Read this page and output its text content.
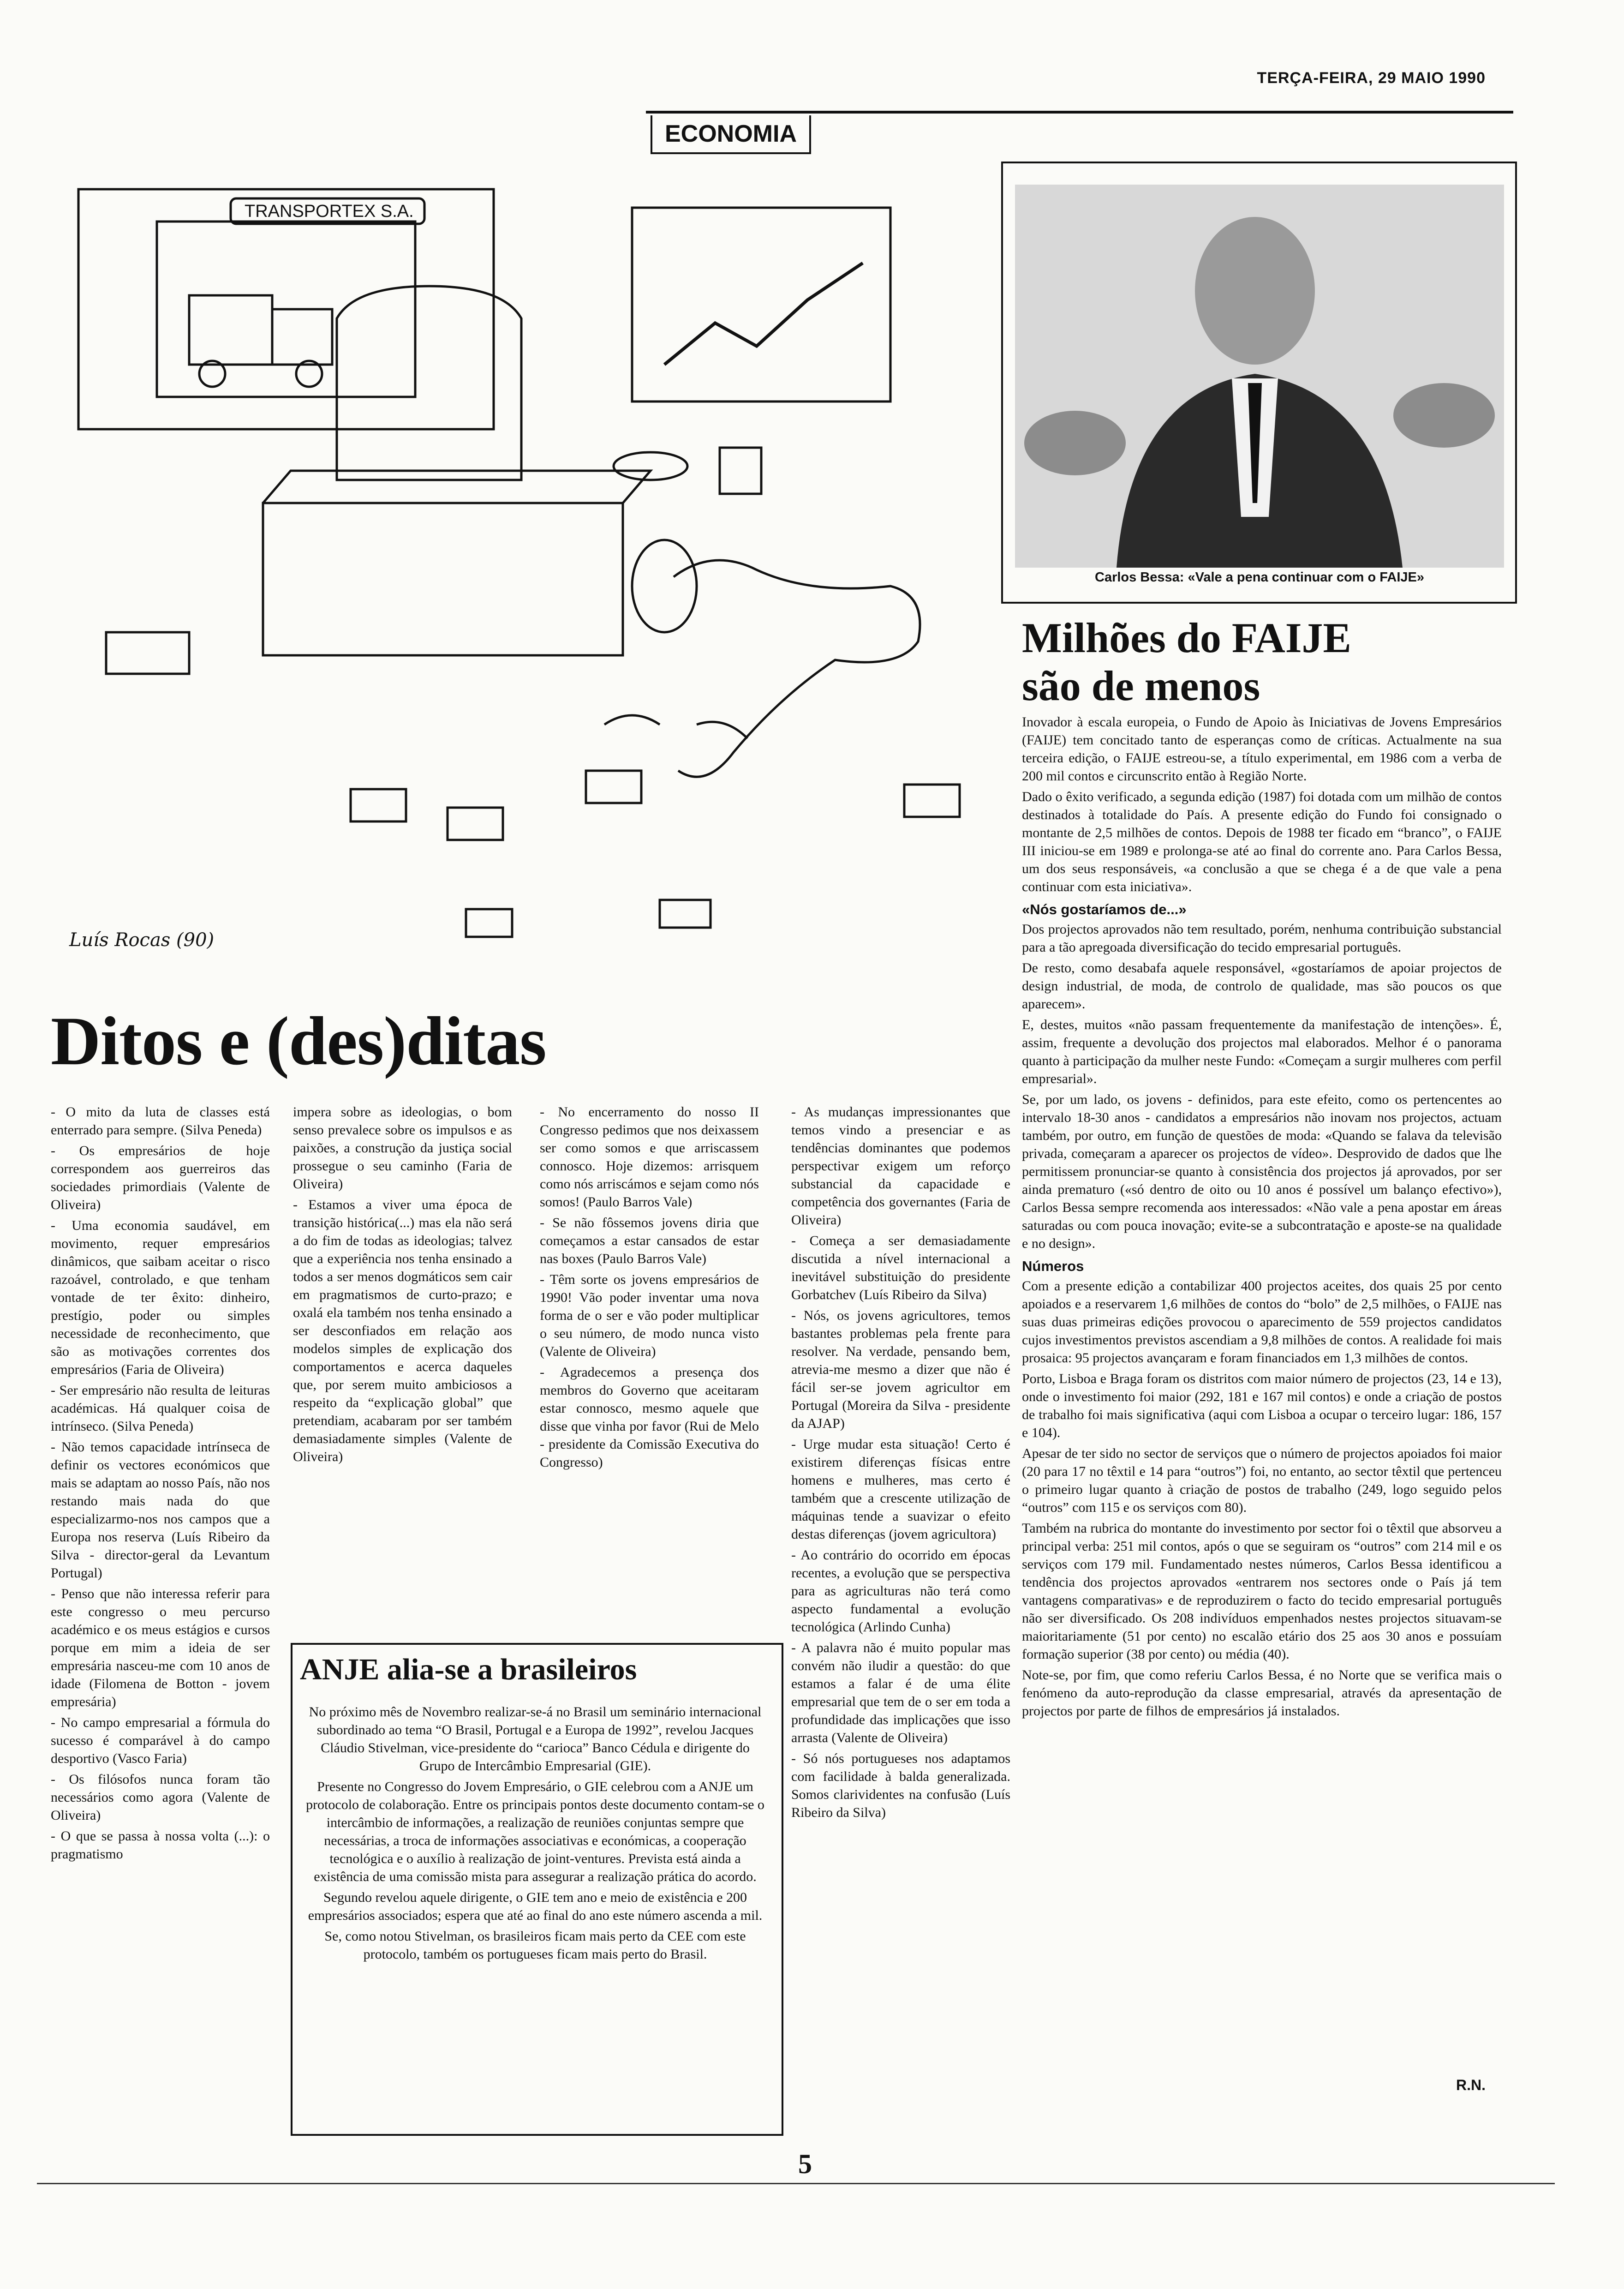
TERÇA-FEIRA, 29 MAIO 1990
ECONOMIA
TRANSPORTEX S.A.
Luís Rocas (90)
Carlos Bessa: «Vale a pena continuar com o FAIJE»
Milhões do FAIJE
são de menos

Inovador à escala europeia, o Fundo de Apoio às Iniciativas de Jovens Empresários (FAIJE) tem concitado tanto de esperanças como de críticas. Actualmente na sua terceira edição, o FAIJE estreou-se, a título experimental, em 1986 com a verba de 200 mil contos e circunscrito então à Região Norte.

Dado o êxito verificado, a segunda edição (1987) foi dotada com um milhão de contos destinados à totalidade do País. A presente edição do Fundo foi consignado o montante de 2,5 milhões de contos. Depois de 1988 ter ficado em “branco”, o FAIJE III iniciou-se em 1989 e prolonga-se até ao final do corrente ano. Para Carlos Bessa, um dos seus responsáveis, «a conclusão a que se chega é a de que vale a pena continuar com esta iniciativa».

«Nós gostaríamos de...»

Dos projectos aprovados não tem resultado, porém, nenhuma contribuição substancial para a tão apregoada diversificação do tecido empresarial português.

De resto, como desabafa aquele responsável, «gostaríamos de apoiar projectos de design industrial, de moda, de controlo de qualidade, mas são poucos os que aparecem».

E, destes, muitos «não passam frequentemente da manifestação de intenções». É, assim, frequente a devolução dos projectos mal elaborados. Melhor é o panorama quanto à participação da mulher neste Fundo: «Começam a surgir mulheres com perfil empresarial».

Se, por um lado, os jovens - definidos, para este efeito, como os pertencentes ao intervalo 18-30 anos - candidatos a empresários não inovam nos projectos, actuam também, por outro, em função de questões de moda: «Quando se falava da televisão privada, começaram a aparecer os projectos de vídeo». Desprovido de dados que lhe permitissem pronunciar-se quanto à consistência dos projectos já aprovados, por ser ainda prematuro («só dentro de oito ou 10 anos é possível um balanço efectivo»), Carlos Bessa sempre recomenda aos interessados: «Não vale a pena apostar em áreas saturadas ou com pouca inovação; evite-se a subcontratação e aposte-se na qualidade e no design».

Números

Com a presente edição a contabilizar 400 projectos aceites, dos quais 25 por cento apoiados e a reservarem 1,6 milhões de contos do “bolo” de 2,5 milhões, o FAIJE nas suas duas primeiras edições provocou o aparecimento de 559 projectos candidatos cujos investimentos previstos ascendiam a 9,8 milhões de contos. A realidade foi mais prosaica: 95 projectos avançaram e foram financiados em 1,3 milhões de contos.

Porto, Lisboa e Braga foram os distritos com maior número de projectos (23, 14 e 13), onde o investimento foi maior (292, 181 e 167 mil contos) e onde a criação de postos de trabalho foi mais significativa (aqui com Lisboa a ocupar o terceiro lugar: 186, 157 e 104).

Apesar de ter sido no sector de serviços que o número de projectos apoiados foi maior (20 para 17 no têxtil e 14 para “outros”) foi, no entanto, ao sector têxtil que pertenceu o primeiro lugar quanto à criação de postos de trabalho (249, logo seguido pelos “outros” com 115 e os serviços com 80).

Também na rubrica do montante do investimento por sector foi o têxtil que absorveu a principal verba: 251 mil contos, após o que se seguiram os “outros” com 214 mil e os serviços com 179 mil. Fundamentado nestes números, Carlos Bessa identificou a tendência dos projectos aprovados «entrarem nos sectores onde o País já tem vantagens comparativas» e de reproduzirem o facto do tecido empresarial português não ser diversificado. Os 208 indivíduos empenhados nestes projectos situavam-se maioritariamente (51 por cento) no escalão etário dos 25 aos 30 anos e possuíam formação superior (38 por cento) ou média (40).

Note-se, por fim, que como referiu Carlos Bessa, é no Norte que se verifica mais o fenómeno da auto-reprodução da classe empresarial, através da apresentação de projectos por parte de filhos de empresários já instalados.

R.N.
Ditos e (des)ditas

- O mito da luta de classes está enterrado para sempre. (Silva Peneda)

- Os empresários de hoje correspondem aos guerreiros das sociedades primordiais (Valente de Oliveira)

- Uma economia saudável, em movimento, requer empresários dinâmicos, que saibam aceitar o risco razoável, controlado, e que tenham vontade de ter êxito: dinheiro, prestígio, poder ou simples necessidade de reconhecimento, que são as motivações correntes dos empresários (Faria de Oliveira)

- Ser empresário não resulta de leituras académicas. Há qualquer coisa de intrínseco. (Silva Peneda)

- Não temos capacidade intrínseca de definir os vectores económicos que mais se adaptam ao nosso País, não nos restando mais nada do que especializarmo-nos nos campos que a Europa nos reserva (Luís Ribeiro da Silva - director-geral da Levantum Portugal)

- Penso que não interessa referir para este congresso o meu percurso académico e os meus estágios e cursos porque em mim a ideia de ser empresária nasceu-me com 10 anos de idade (Filomena de Botton - jovem empresária)

- No campo empresarial a fórmula do sucesso é comparável à do campo desportivo (Vasco Faria)

- Os filósofos nunca foram tão necessários como agora (Valente de Oliveira)

- O que se passa à nossa volta (...): o pragmatismo

impera sobre as ideologias, o bom senso prevalece sobre os impulsos e as paixões, a construção da justiça social prossegue o seu caminho (Faria de Oliveira)

- Estamos a viver uma época de transição histórica(...) mas ela não será a do fim de todas as ideologias; talvez que a experiência nos tenha ensinado a todos a ser menos dogmáticos sem cair em pragmatismos de curto-prazo; e oxalá ela também nos tenha ensinado a ser desconfiados em relação aos modelos simples de explicação dos comportamentos e acerca daqueles que, por serem muito ambiciosos a respeito da “explicação global” que pretendiam, acabaram por ser também demasiadamente simples (Valente de Oliveira)

- No encerramento do nosso II Congresso pedimos que nos deixassem ser como somos e que arriscassem connosco. Hoje dizemos: arrisquem como nós arriscámos e sejam como nós somos! (Paulo Barros Vale)

- Se não fôssemos jovens diria que começamos a estar cansados de estar nas boxes (Paulo Barros Vale)

- Têm sorte os jovens empresários de 1990! Vão poder inventar uma nova forma de o ser e vão poder multiplicar o seu número, de modo nunca visto (Valente de Oliveira)

- Agradecemos a presença dos membros do Governo que aceitaram estar connosco, mesmo aquele que disse que vinha por favor (Rui de Melo - presidente da Comissão Executiva do Congresso)

- As mudanças impressionantes que temos vindo a presenciar e as tendências dominantes que podemos perspectivar exigem um reforço substancial da capacidade e competência dos governantes (Faria de Oliveira)

- Começa a ser demasiadamente discutida a nível internacional a inevitável substituição do presidente Gorbatchev (Luís Ribeiro da Silva)

- Nós, os jovens agricultores, temos bastantes problemas pela frente para resolver. Na verdade, pensando bem, atrevia-me mesmo a dizer que não é fácil ser-se jovem agricultor em Portugal (Moreira da Silva - presidente da AJAP)

- Urge mudar esta situação! Certo é existirem diferenças físicas entre homens e mulheres, mas certo é também que a crescente utilização de máquinas tende a suavizar o efeito destas diferenças (jovem agricultora)

- Ao contrário do ocorrido em épocas recentes, a evolução que se perspectiva para as agriculturas não terá como aspecto fundamental a evolução tecnológica (Arlindo Cunha)

- A palavra não é muito popular mas convém não iludir a questão: do que estamos a falar é de uma élite empresarial que tem de o ser em toda a profundidade das implicações que isso arrasta (Valente de Oliveira)

- Só nós portugueses nos adaptamos com facilidade à balda generalizada. Somos clarividentes na confusão (Luís Ribeiro da Silva)

ANJE alia-se a brasileiros

No próximo mês de Novembro realizar-se-á no Brasil um seminário internacional subordinado ao tema “O Brasil, Portugal e a Europa de 1992”, revelou Jacques Cláudio Stivelman, vice-presidente do “carioca” Banco Cédula e dirigente do Grupo de Intercâmbio Empresarial (GIE).

Presente no Congresso do Jovem Empresário, o GIE celebrou com a ANJE um protocolo de colaboração. Entre os principais pontos deste documento contam-se o intercâmbio de informações, a realização de reuniões conjuntas sempre que necessárias, a troca de informações associativas e económicas, a cooperação tecnológica e o auxílio à realização de joint-ventures. Prevista está ainda a existência de uma comissão mista para assegurar a realização prática do acordo.

Segundo revelou aquele dirigente, o GIE tem ano e meio de existência e 200 empresários associados; espera que até ao final do ano este número ascenda a mil.

Se, como notou Stivelman, os brasileiros ficam mais perto da CEE com este protocolo, também os portugueses ficam mais perto do Brasil.

5
